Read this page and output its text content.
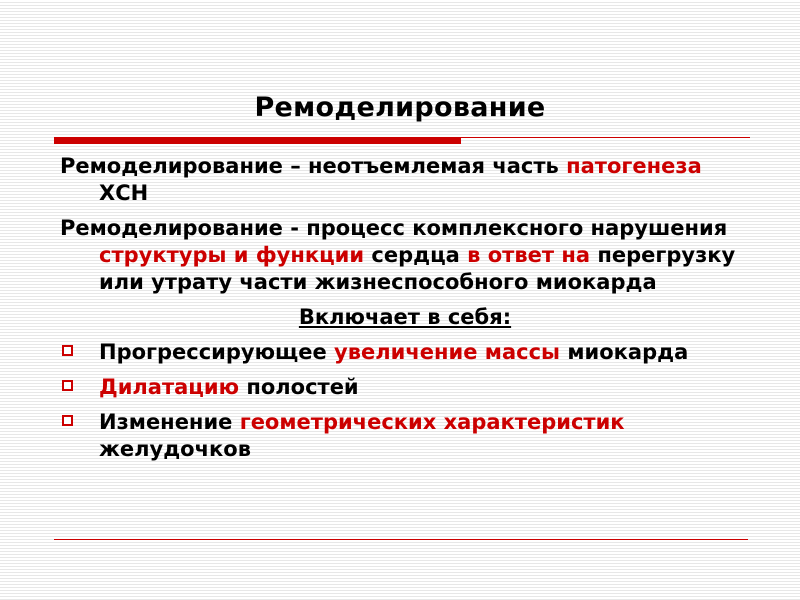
Ремоделирование

Ремоделирование – неотъемлемая часть патогенеза ХСН

Ремоделирование - процесс комплексного нарушения структуры и функции сердца в ответ на перегрузку или утрату части жизнеспособного миокарда

Включает в себя:

Прогрессирующее увеличение массы миокарда
Дилатацию полостей
Изменение геометрических характеристик желудочков
